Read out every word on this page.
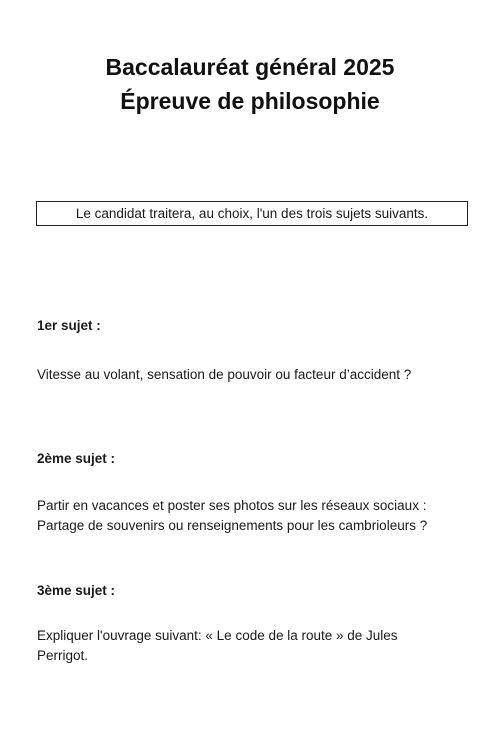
Baccalauréat général 2025
Épreuve de philosophie
Le candidat traitera, au choix, l'un des trois sujets suivants.
1er sujet :
Vitesse au volant, sensation de pouvoir ou facteur d’accident ?
2ème sujet :
Partir en vacances et poster ses photos sur les réseaux sociaux :
Partage de souvenirs ou renseignements pour les cambrioleurs ?
3ème sujet :
Expliquer l'ouvrage suivant: « Le code de la route » de Jules
Perrigot.
